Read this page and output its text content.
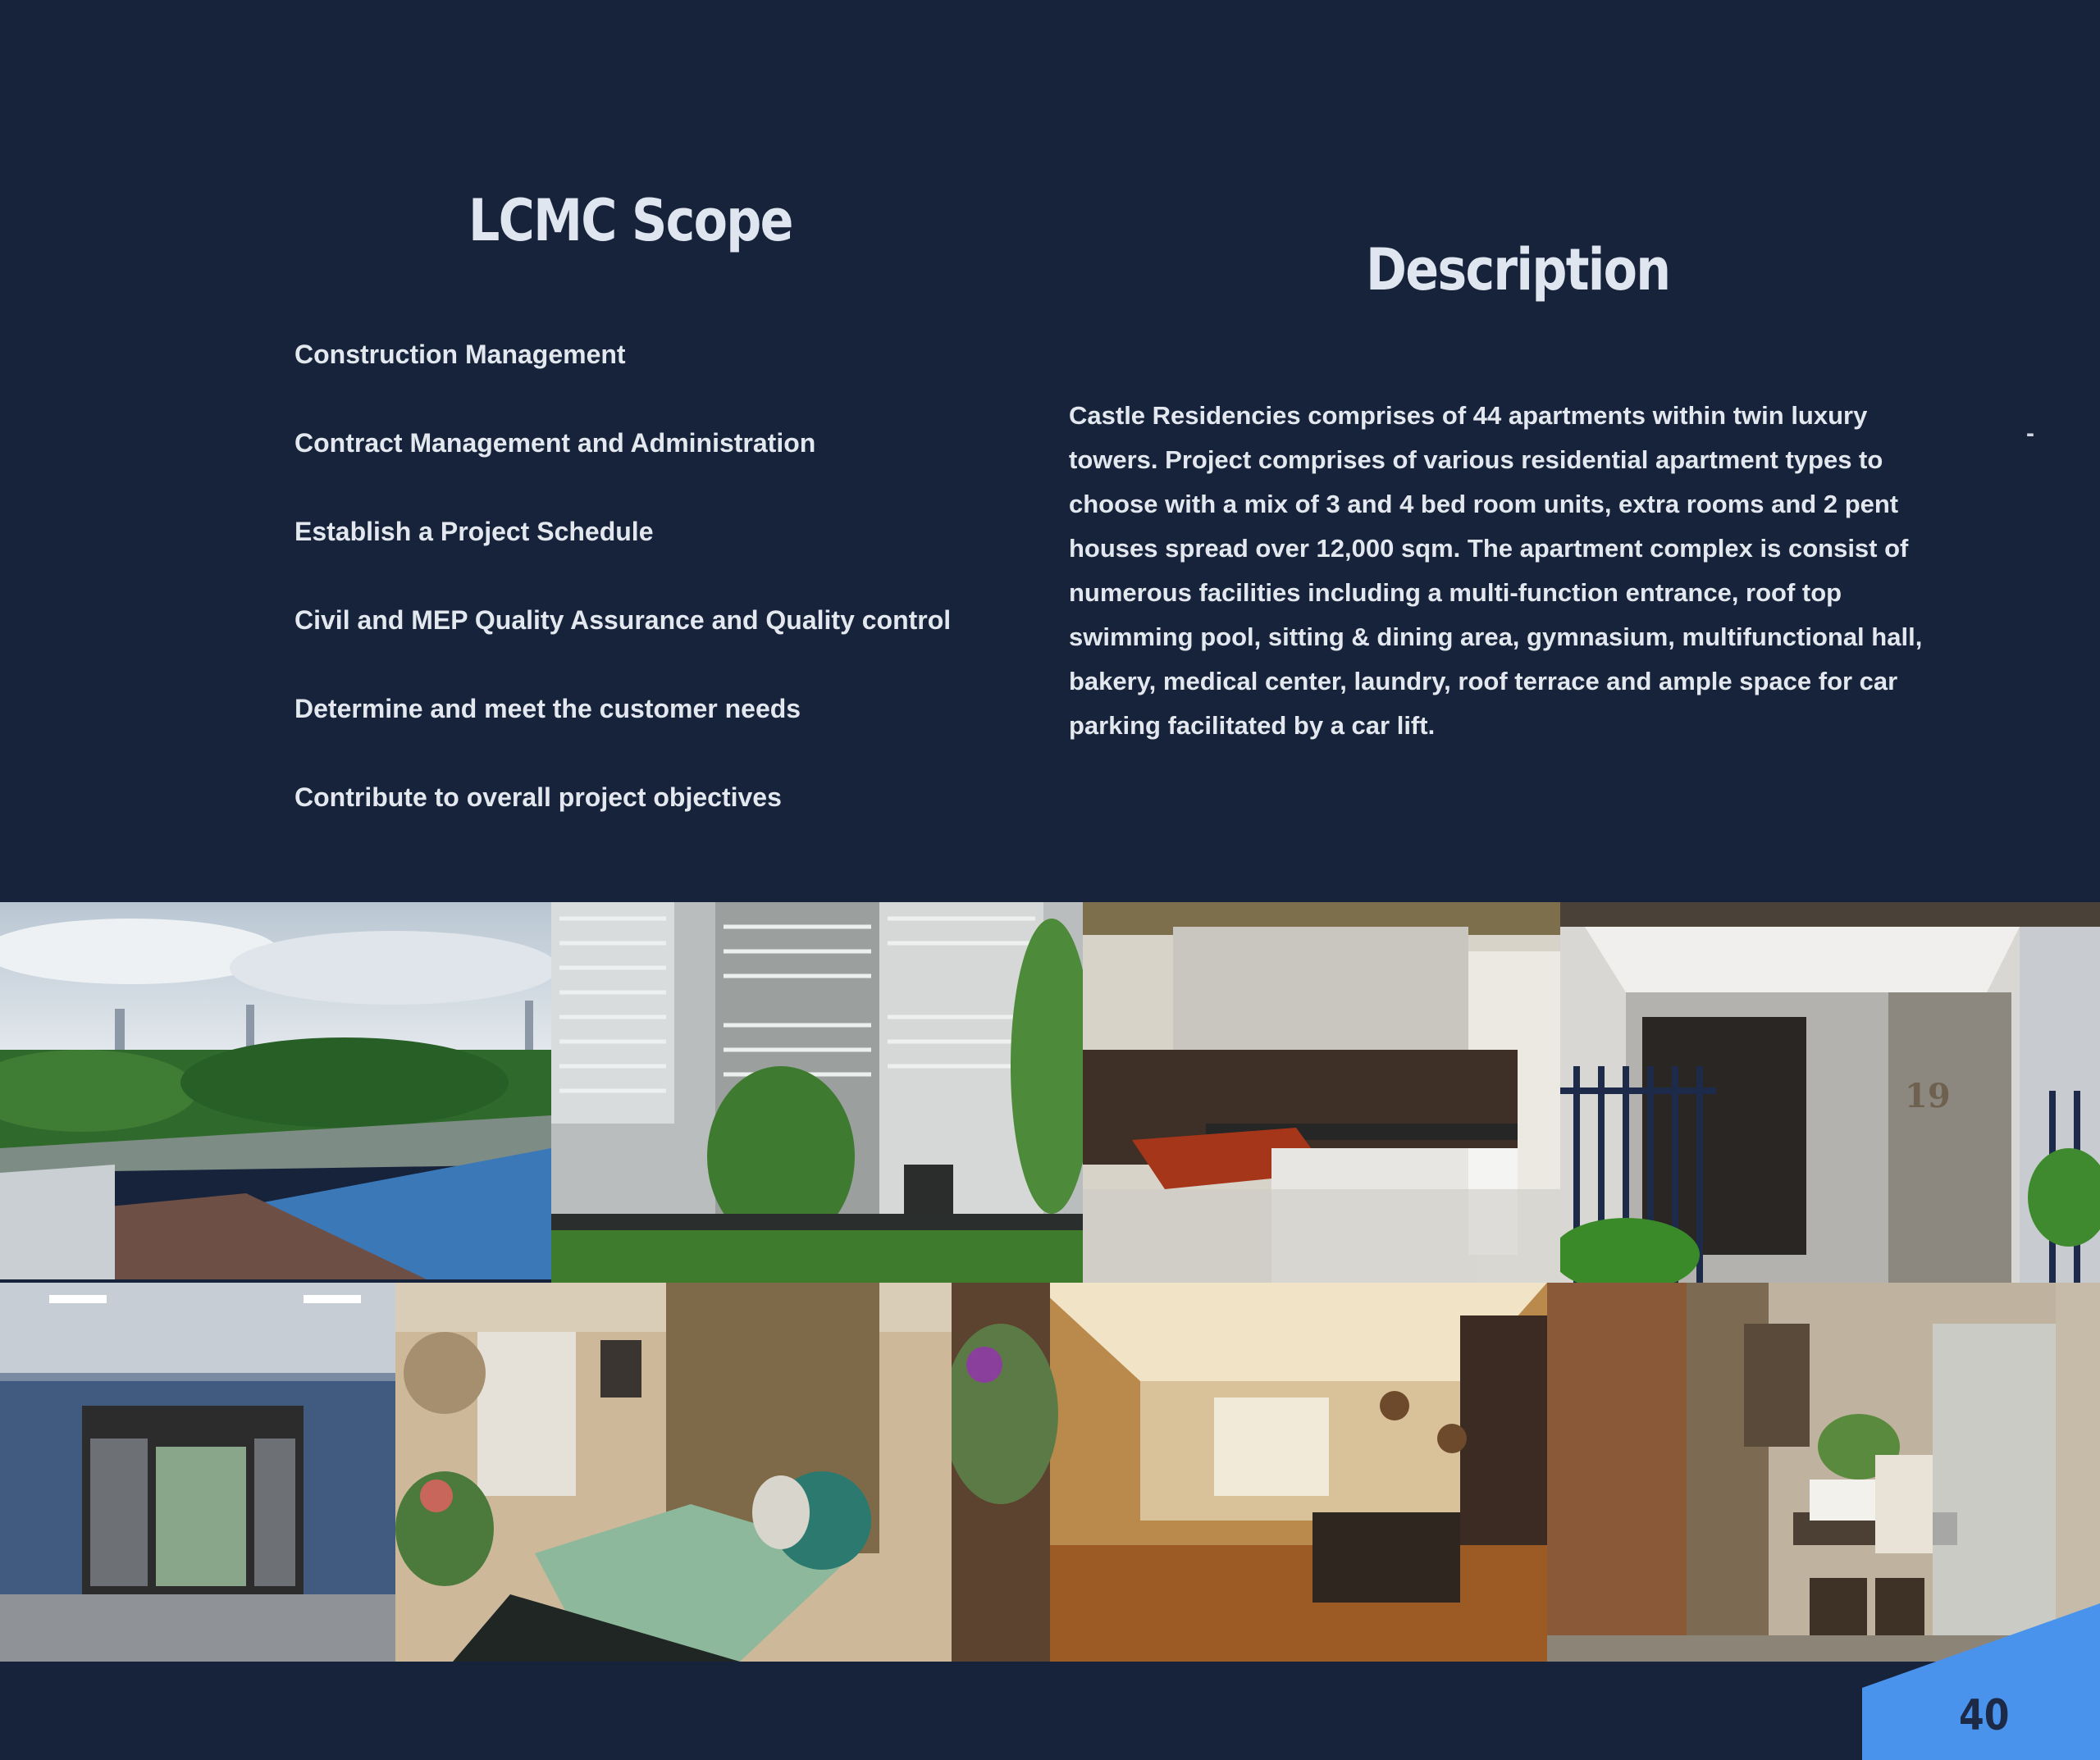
LCMC Scope
Construction Management
Contract Management and Administration
Establish a Project Schedule
Civil and MEP Quality Assurance and Quality control
Determine and meet the customer needs
Contribute to overall project objectives
Description

Castle Residencies comprises of 44 apartments within twin luxury towers. Project comprises of various residential apartment types to choose with a mix of 3 and 4 bed room units, extra rooms and 2 pent houses spread over 12,000 sqm. The apartment complex is consist of numerous facilities including a multi-function entrance, roof top swimming pool, sitting & dining area, gymnasium, multifunctional hall, bakery, medical center, laundry, roof terrace and ample space for car parking facilitated by a car lift.

-
19
40
